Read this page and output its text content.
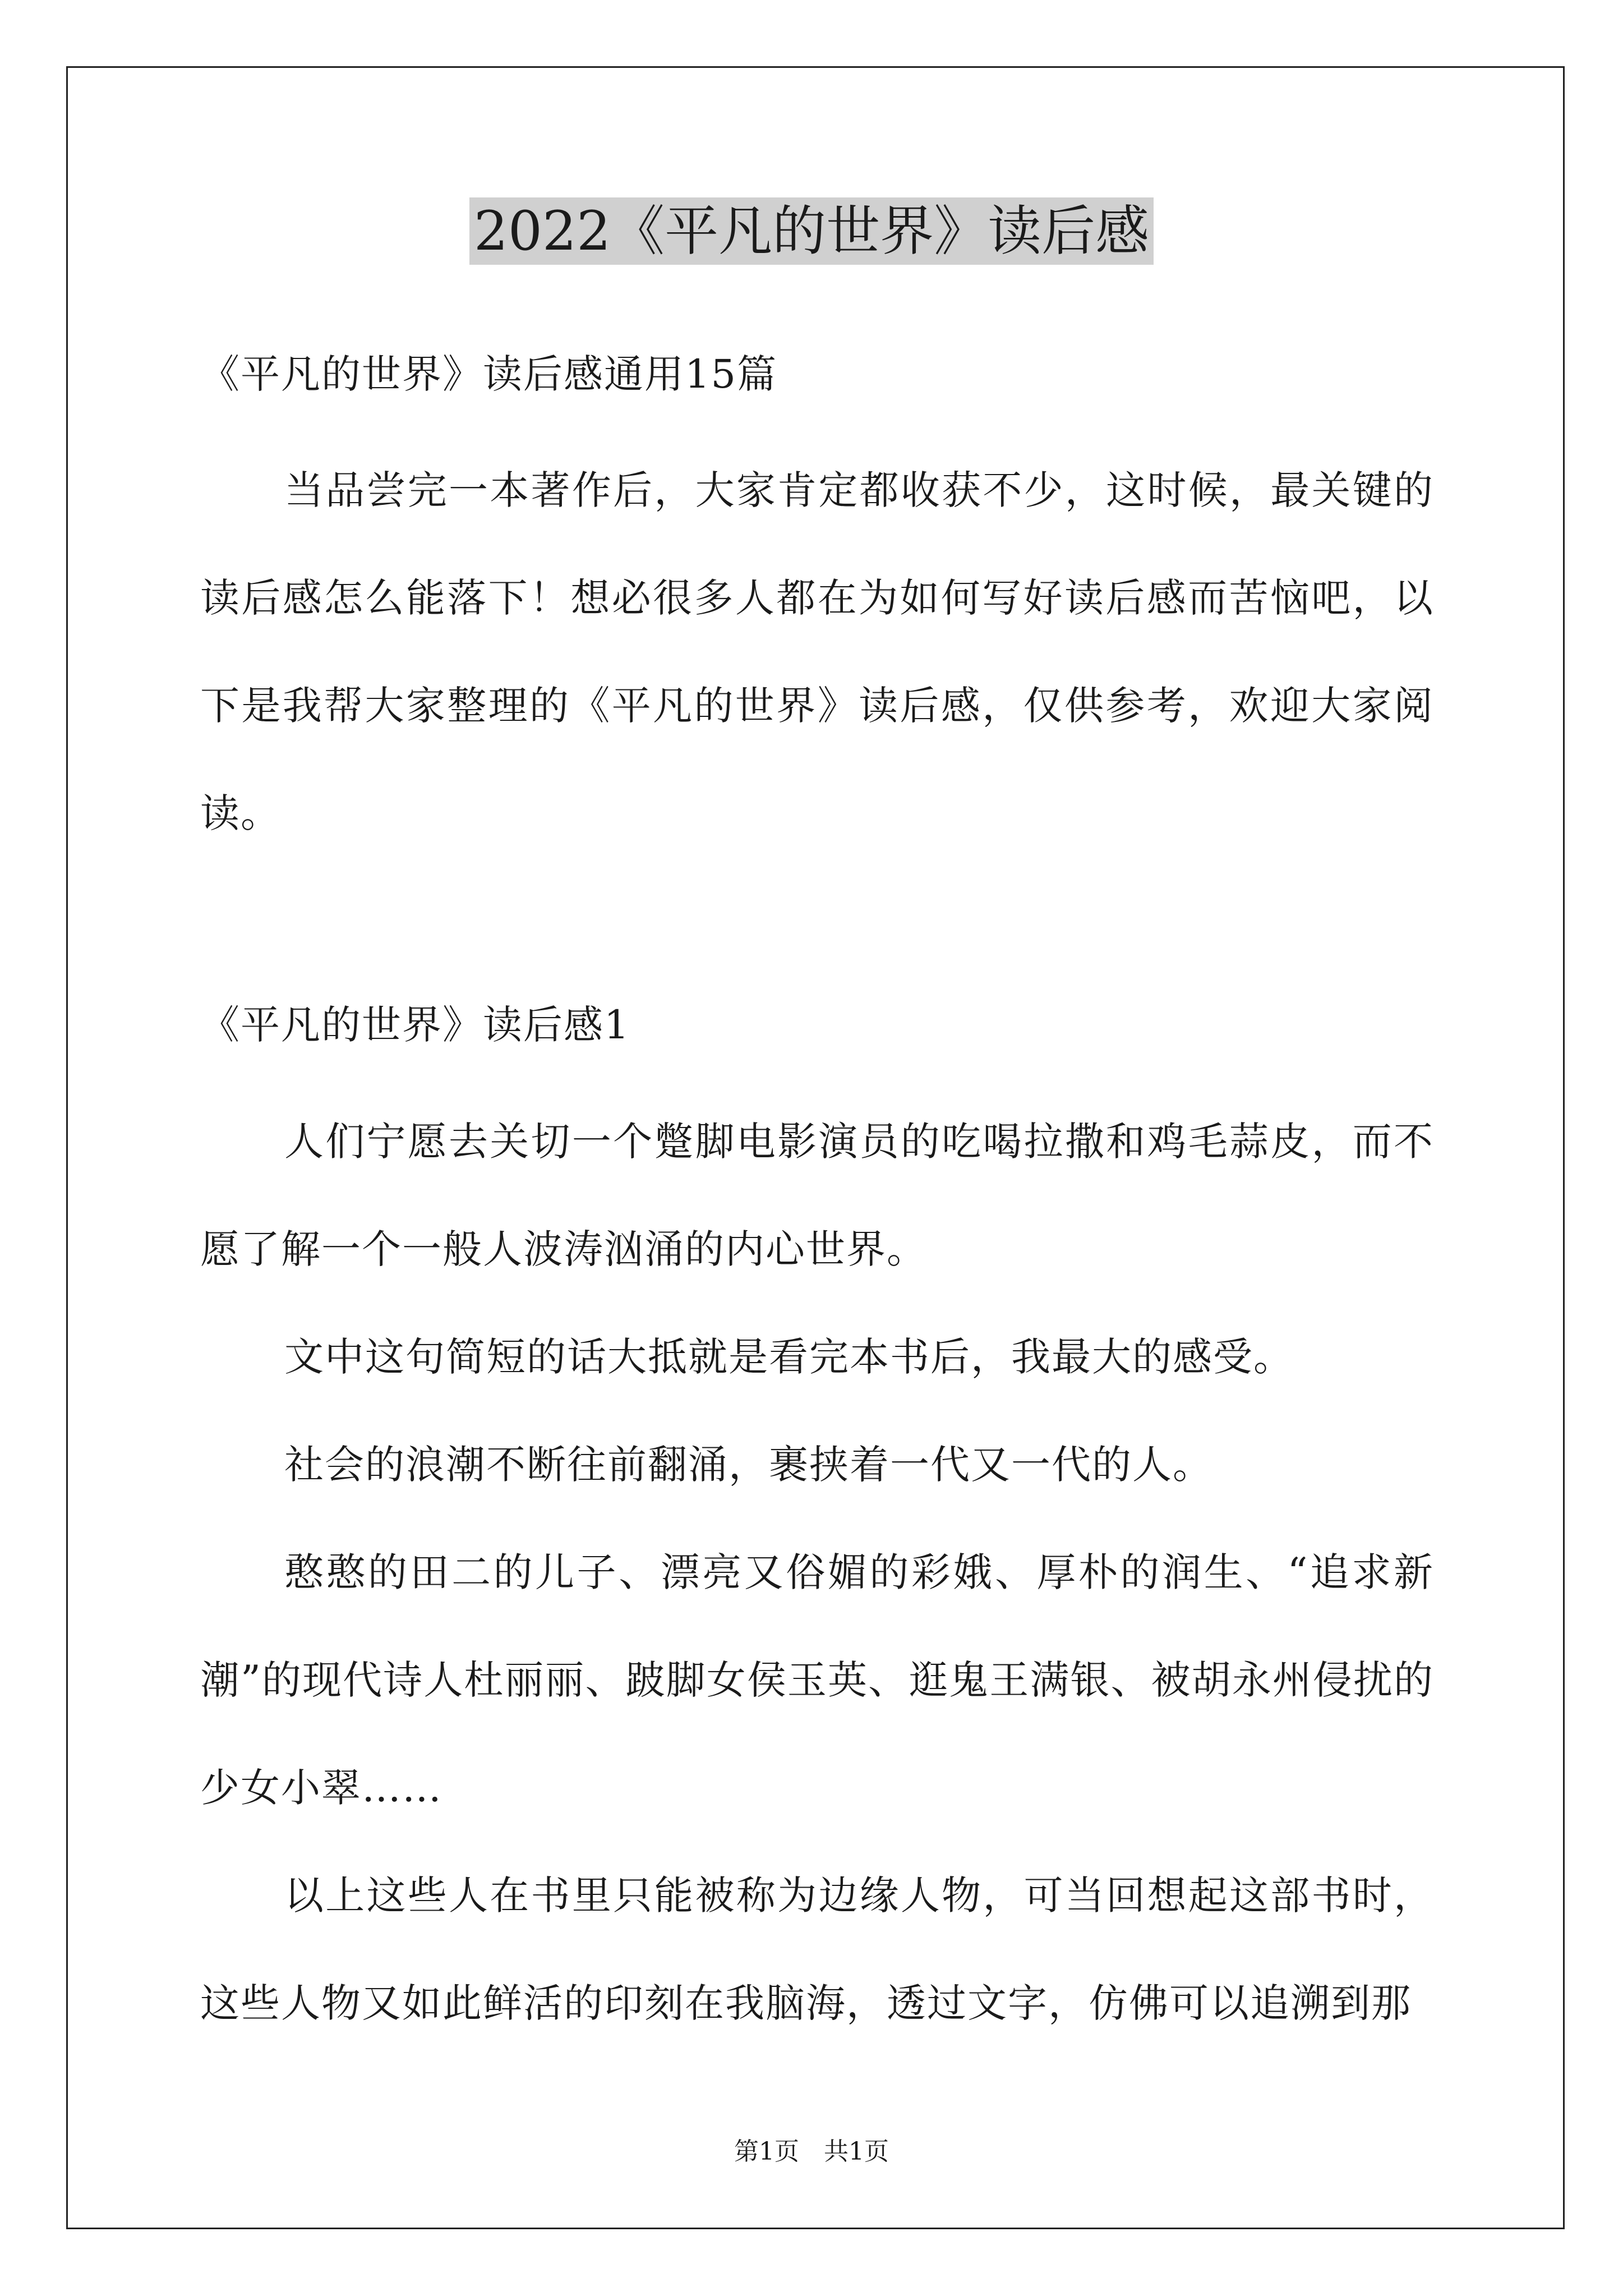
2022《平凡的世界》读后感
《平凡的世界》读后感通用15篇
当品尝完一本著作后，大家肯定都收获不少，这时候，最关键的读后感怎么能落下！想必很多人都在为如何写好读后感而苦恼吧，以下是我帮大家整理的《平凡的世界》读后感，仅供参考，欢迎大家阅读。
《平凡的世界》读后感1
人们宁愿去关切一个蹩脚电影演员的吃喝拉撒和鸡毛蒜皮，而不愿了解一个一般人波涛汹涌的内心世界。
文中这句简短的话大抵就是看完本书后，我最大的感受。
社会的浪潮不断往前翻涌，裹挟着一代又一代的人。
憨憨的田二的儿子、漂亮又俗媚的彩娥、厚朴的润生、“追求新潮”的现代诗人杜丽丽、跛脚女侯玉英、逛鬼王满银、被胡永州侵扰的少女小翠……
以上这些人在书里只能被称为边缘人物，可当回想起这部书时，这些人物又如此鲜活的印刻在我脑海，透过文字，仿佛可以追溯到那
第1页　共1页
